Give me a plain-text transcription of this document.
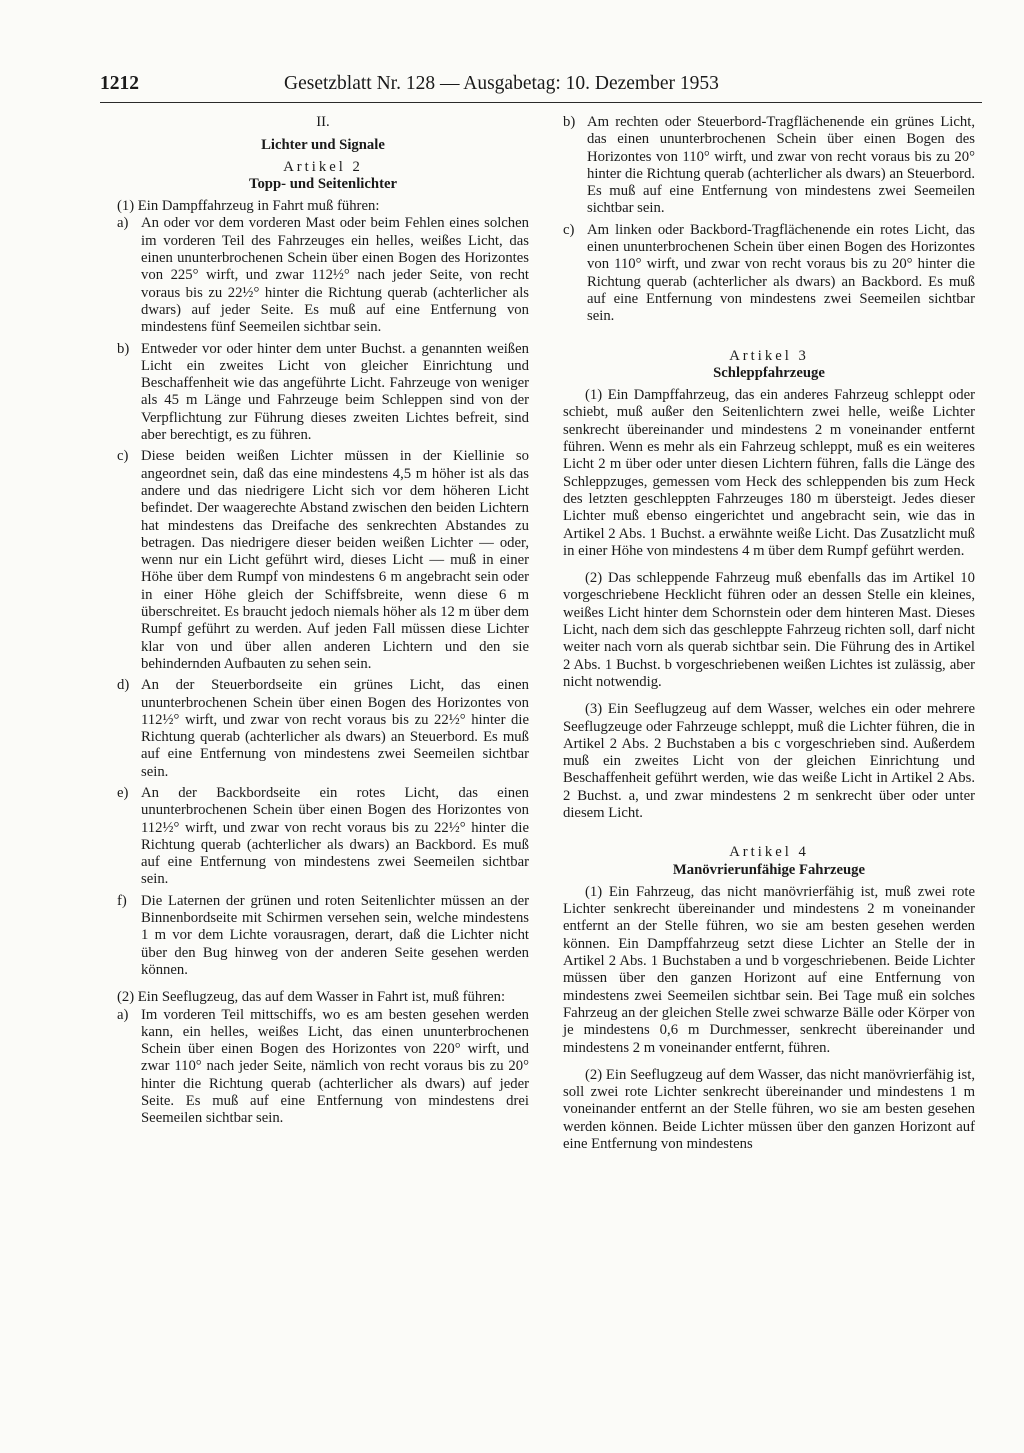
1212	Gesetzblatt Nr. 128 — Ausgabetag: 10. Dezember 1953

II.

Lichter und Signale

Artikel 2

Topp- und Seitenlichter

(1) Ein Dampffahrzeug in Fahrt muß führen:

a) An oder vor dem vorderen Mast oder beim Fehlen eines solchen im vorderen Teil des Fahrzeuges ein helles, weißes Licht, das einen ununterbrochenen Schein über einen Bogen des Horizontes von 225° wirft, und zwar 112½° nach jeder Seite, von recht voraus bis zu 22½° hinter die Richtung querab (achterlicher als dwars) auf jeder Seite. Es muß auf eine Entfernung von mindestens fünf Seemeilen sichtbar sein.
b) Entweder vor oder hinter dem unter Buchst. a genannten weißen Licht ein zweites Licht von gleicher Einrichtung und Beschaffenheit wie das angeführte Licht. Fahrzeuge von weniger als 45 m Länge und Fahrzeuge beim Schleppen sind von der Verpflichtung zur Führung dieses zweiten Lichtes befreit, sind aber berechtigt, es zu führen.
c) Diese beiden weißen Lichter müssen in der Kiellinie so angeordnet sein, daß das eine mindestens 4,5 m höher ist als das andere und das niedrigere Licht sich vor dem höheren Licht befindet. Der waagerechte Abstand zwischen den beiden Lichtern hat mindestens das Dreifache des senkrechten Abstandes zu betragen. Das niedrigere dieser beiden weißen Lichter — oder, wenn nur ein Licht geführt wird, dieses Licht — muß in einer Höhe über dem Rumpf von mindestens 6 m angebracht sein oder in einer Höhe gleich der Schiffsbreite, wenn diese 6 m überschreitet. Es braucht jedoch niemals höher als 12 m über dem Rumpf geführt zu werden. Auf jeden Fall müssen diese Lichter klar von und über allen anderen Lichtern und den sie behindernden Aufbauten zu sehen sein.
d) An der Steuerbordseite ein grünes Licht, das einen ununterbrochenen Schein über einen Bogen des Horizontes von 112½° wirft, und zwar von recht voraus bis zu 22½° hinter die Richtung querab (achterlicher als dwars) an Steuerbord. Es muß auf eine Entfernung von mindestens zwei Seemeilen sichtbar sein.
e) An der Backbordseite ein rotes Licht, das einen ununterbrochenen Schein über einen Bogen des Horizontes von 112½° wirft, und zwar von recht voraus bis zu 22½° hinter die Richtung querab (achterlicher als dwars) an Backbord. Es muß auf eine Entfernung von mindestens zwei Seemeilen sichtbar sein.
f) Die Laternen der grünen und roten Seitenlichter müssen an der Binnenbordseite mit Schirmen versehen sein, welche mindestens 1 m vor dem Lichte vorausragen, derart, daß die Lichter nicht über den Bug hinweg von der anderen Seite gesehen werden können.

(2) Ein Seeflugzeug, das auf dem Wasser in Fahrt ist, muß führen:

a) Im vorderen Teil mittschiffs, wo es am besten gesehen werden kann, ein helles, weißes Licht, das einen ununterbrochenen Schein über einen Bogen des Horizontes von 220° wirft, und zwar 110° nach jeder Seite, nämlich von recht voraus bis zu 20° hinter die Richtung querab (achterlicher als dwars) auf jeder Seite. Es muß auf eine Entfernung von mindestens drei Seemeilen sichtbar sein.
b) Am rechten oder Steuerbord-Tragflächenende ein grünes Licht, das einen ununterbrochenen Schein über einen Bogen des Horizontes von 110° wirft, und zwar von recht voraus bis zu 20° hinter die Richtung querab (achterlicher als dwars) an Steuerbord. Es muß auf eine Entfernung von mindestens zwei Seemeilen sichtbar sein.
c) Am linken oder Backbord-Tragflächenende ein rotes Licht, das einen ununterbrochenen Schein über einen Bogen des Horizontes von 110° wirft, und zwar von recht voraus bis zu 20° hinter die Richtung querab (achterlicher als dwars) an Backbord. Es muß auf eine Entfernung von mindestens zwei Seemeilen sichtbar sein.

Artikel 3

Schleppfahrzeuge

(1) Ein Dampffahrzeug, das ein anderes Fahrzeug schleppt oder schiebt, muß außer den Seitenlichtern zwei helle, weiße Lichter senkrecht übereinander und mindestens 2 m voneinander entfernt führen. Wenn es mehr als ein Fahrzeug schleppt, muß es ein weiteres Licht 2 m über oder unter diesen Lichtern führen, falls die Länge des Schleppzuges, gemessen vom Heck des schleppenden bis zum Heck des letzten geschleppten Fahrzeuges 180 m übersteigt. Jedes dieser Lichter muß ebenso eingerichtet und angebracht sein, wie das in Artikel 2 Abs. 1 Buchst. a erwähnte weiße Licht. Das Zusatzlicht muß in einer Höhe von mindestens 4 m über dem Rumpf geführt werden.

(2) Das schleppende Fahrzeug muß ebenfalls das im Artikel 10 vorgeschriebene Hecklicht führen oder an dessen Stelle ein kleines, weißes Licht hinter dem Schornstein oder dem hinteren Mast. Dieses Licht, nach dem sich das geschleppte Fahrzeug richten soll, darf nicht weiter nach vorn als querab sichtbar sein. Die Führung des in Artikel 2 Abs. 1 Buchst. b vorgeschriebenen weißen Lichtes ist zulässig, aber nicht notwendig.

(3) Ein Seeflugzeug auf dem Wasser, welches ein oder mehrere Seeflugzeuge oder Fahrzeuge schleppt, muß die Lichter führen, die in Artikel 2 Abs. 2 Buchstaben a bis c vorgeschrieben sind. Außerdem muß ein zweites Licht von der gleichen Einrichtung und Beschaffenheit geführt werden, wie das weiße Licht in Artikel 2 Abs. 2 Buchst. a, und zwar mindestens 2 m senkrecht über oder unter diesem Licht.

Artikel 4

Manövrierunfähige Fahrzeuge

(1) Ein Fahrzeug, das nicht manövrierfähig ist, muß zwei rote Lichter senkrecht übereinander und mindestens 2 m voneinander entfernt an der Stelle führen, wo sie am besten gesehen werden können. Ein Dampffahrzeug setzt diese Lichter an Stelle der in Artikel 2 Abs. 1 Buchstaben a und b vorgeschriebenen. Beide Lichter müssen über den ganzen Horizont auf eine Entfernung von mindestens zwei Seemeilen sichtbar sein. Bei Tage muß ein solches Fahrzeug an der gleichen Stelle zwei schwarze Bälle oder Körper von je mindestens 0,6 m Durchmesser, senkrecht übereinander und mindestens 2 m voneinander entfernt, führen.

(2) Ein Seeflugzeug auf dem Wasser, das nicht manövrierfähig ist, soll zwei rote Lichter senkrecht übereinander und mindestens 1 m voneinander entfernt an der Stelle führen, wo sie am besten gesehen werden können. Beide Lichter müssen über den ganzen Horizont auf eine Entfernung von mindestens
